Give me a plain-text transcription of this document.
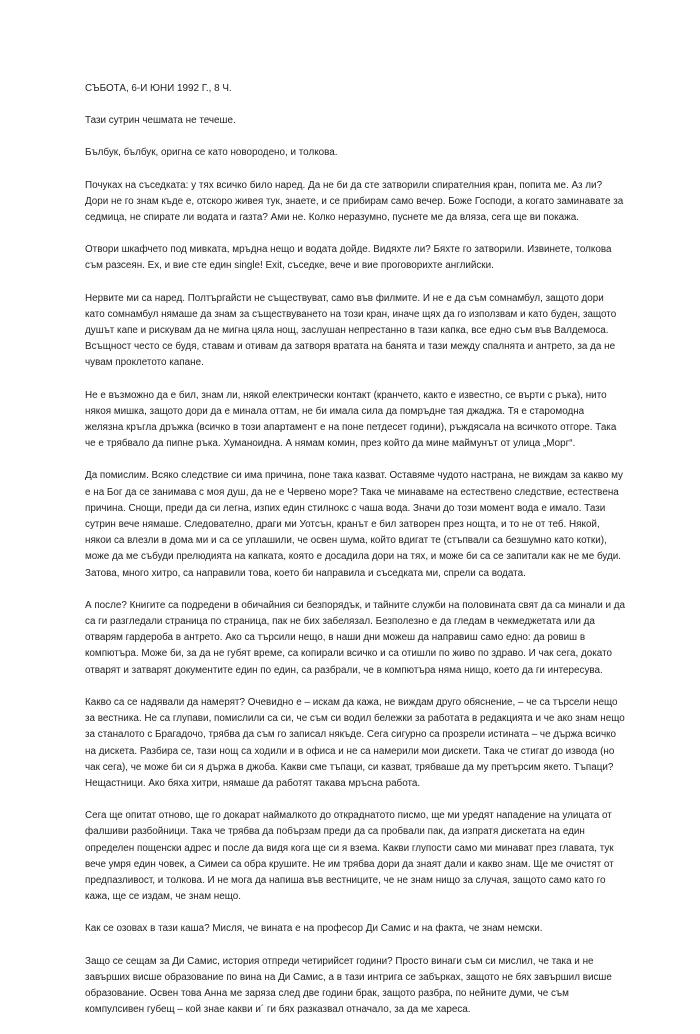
СЪБОТА, 6-И ЮНИ 1992 Г., 8 Ч.

Тази сутрин чешмата не течеше.

Бълбук, бълбук, оригна се като новородено, и толкова.

Почуках на съседката: у тях всичко било наред. Да не би да сте затворили спирателния кран, попита ме. Аз ли? Дори не го знам къде е, отскоро живея тук, знаете, и се прибирам само вечер. Боже Господи, а когато заминавате за седмица, не спирате ли водата и газта? Ами не. Колко неразумно, пуснете ме да вляза, сега ще ви покажа.

Отвори шкафчето под мивката, мръдна нещо и водата дойде. Видяхте ли? Бяхте го затворили. Извинете, толкова съм разсеян. Ех, и вие сте един single! Exit, съседке, вече и вие проговорихте английски.

Нервите ми са наред. Полтъргайсти не съществуват, само във филмите. И не е да съм сомнамбул, защото дори като сомнамбул нямаше да знам за съществуването на този кран, иначе щях да го използвам и като буден, защото душът капе и рискувам да не мигна цяла нощ, заслушан непрестанно в тази капка, все едно съм във Валдемоса. Всъщност често се будя, ставам и отивам да затворя вратата на банята и тази между спалнята и антрето, за да не чувам проклетото капане.

Не е възможно да е бил, знам ли, някой електрически контакт (кранчето, както е известно, се върти с ръка), нито някоя мишка, защото дори да е минала оттам, не би имала сила да помръдне тая джаджа. Тя е старомодна желязна кръгла дръжка (всичко в този апартамент е на поне петдесет години), ръждясала на всичкото отгоре. Така че е трябвало да пипне ръка. Хуманоидна. А нямам комин, през който да мине маймунът от улица „Морг“.

Да помислим. Всяко следствие си има причина, поне така казват. Оставяме чудото настрана, не виждам за какво му е на Бог да се занимава с моя душ, да не е Червено море? Така че минаваме на естествено следствие, естествена причина. Снощи, преди да си легна, изпих един стилнокс с чаша вода. Значи до този момент вода е имало. Тази сутрин вече нямаше. Следователно, драги ми Уотсън, кранът е бил затворен през нощта, и то не от теб. Някой, някои са влезли в дома ми и са се уплашили, че освен шума, който вдигат те (стъпвали са безшумно като котки), може да ме събуди прелюдията на капката, която е досадила дори на тях, и може би са се запитали как не ме буди. Затова, много хитро, са направили това, което би направила и съседката ми, спрели са водата.

А после? Книгите са подредени в обичайния си безпорядък, и тайните служби на половината свят да са минали и да са ги разгледали страница по страница, пак не бих забелязал. Безполезно е да гледам в чекмеджетата или да отварям гардероба в антрето. Ако са търсили нещо, в наши дни можеш да направиш само едно: да ровиш в компютъра. Може би, за да не губят време, са копирали всичко и са отишли по живо по здраво. И чак сега, докато отварят и затварят документите един по един, са разбрали, че в компютъра няма нищо, което да ги интересува.

Какво са се надявали да намерят? Очевидно е – искам да кажа, не виждам друго обяснение, – че са търсели нещо за вестника. Не са глупави, помислили са си, че съм си водил бележки за работата в редакцията и че ако знам нещо за станалото с Брагадочо, трябва да съм го записал някъде. Сега сигурно са прозрели истината – че държа всичко на дискета. Разбира се, тази нощ са ходили и в офиса и не са намерили мои дискети. Така че стигат до извода (но чак сега), че може би си я държа в джоба. Какви сме тъпаци, си казват, трябваше да му претърсим якето. Тъпаци? Нещастници. Ако бяха хитри, нямаше да работят такава мръсна работа.

Сега ще опитат отново, ще го докарат наймалкото до откраднатото писмо, ще ми уредят нападение на улицата от фалшиви разбойници. Така че трябва да побързам преди да са пробвали пак, да изпратя дискетата на един определен пощенски адрес и после да видя кога ще си я взема. Какви глупости само ми минават през главата, тук вече умря един човек, а Симеи са обра крушите. Не им трябва дори да знаят дали и какво знам. Ще ме очистят от предпазливост, и толкова. И не мога да напиша във вестниците, че не знам нищо за случая, защото само като го кажа, ще се издам, че знам нещо.

Как се озовах в тази каша? Мисля, че вината е на професор Ди Самис и на факта, че знам немски.

Защо се сещам за Ди Самис, история отпреди четирийсет години? Просто винаги съм си мислил, че така и не завърших висше образование по вина на Ди Самис, а в тази интрига се забърках, защото не бях завършил висше образование. Освен това Анна ме заряза след две години брак, защото разбра, по нейните думи, че съм компулсивен губещ – кой знае какви и´ ги бях разказвал отначало, за да ме хареса.
